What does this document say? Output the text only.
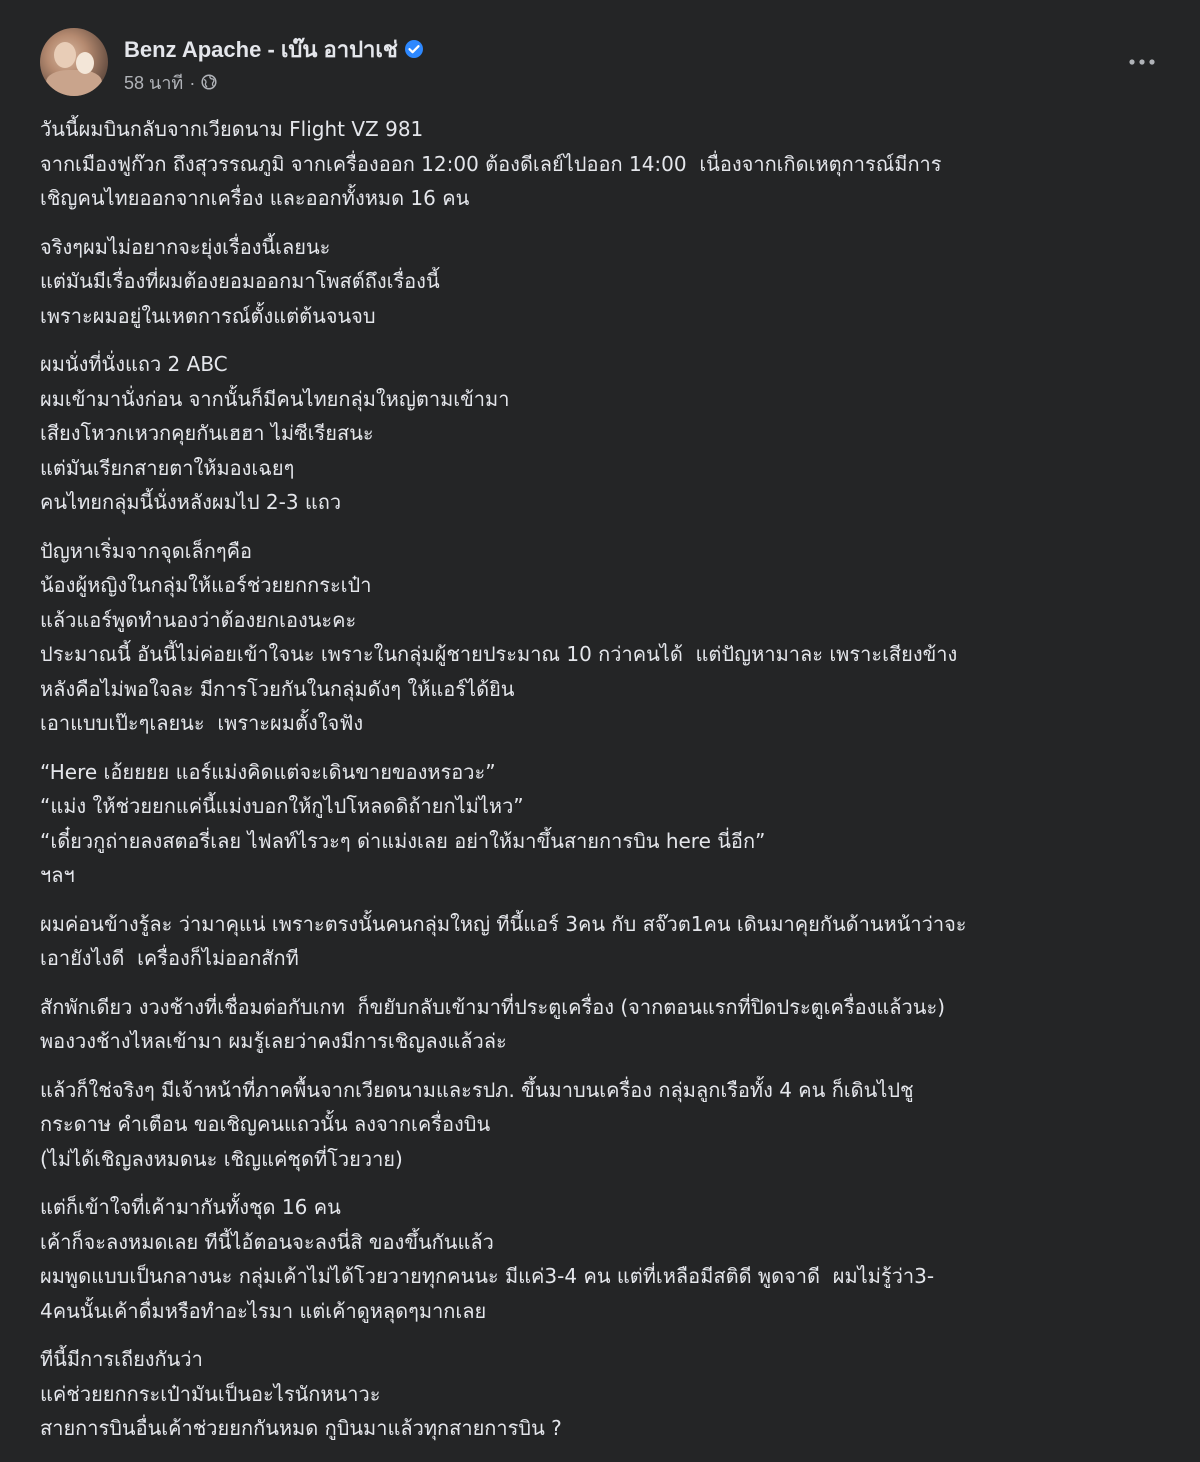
Benz Apache - เบ๊น อาปาเช่
58 นาที ·

วันนี้ผมบินกลับจากเวียดนาม Flight VZ 981
จากเมืองฟูก๊วก ถึงสุวรรณภูมิ จากเครื่องออก 12:00 ต้องดีเลย์ไปออก 14:00  เนื่องจากเกิดเหตุการณ์มีการ
เชิญคนไทยออกจากเครื่อง และออกทั้งหมด 16 คน

จริงๆผมไม่อยากจะยุ่งเรื่องนี้เลยนะ
แต่มันมีเรื่องที่ผมต้องยอมออกมาโพสต์ถึงเรื่องนี้
เพราะผมอยู่ในเหตการณ์ตั้งแต่ต้นจนจบ

ผมนั่งที่นั่งแถว 2 ABC
ผมเข้ามานั่งก่อน จากนั้นก็มีคนไทยกลุ่มใหญ่ตามเข้ามา
เสียงโหวกเหวกคุยกันเฮฮา ไม่ซีเรียสนะ
แต่มันเรียกสายตาให้มองเฉยๆ
คนไทยกลุ่มนี้นั่งหลังผมไป 2-3 แถว

ปัญหาเริ่มจากจุดเล็กๆคือ
น้องผู้หญิงในกลุ่มให้แอร์ช่วยยกกระเป๋า
แล้วแอร์พูดทำนองว่าต้องยกเองนะคะ
ประมาณนี้ อันนี้ไม่ค่อยเข้าใจนะ เพราะในกลุ่มผู้ชายประมาณ 10 กว่าคนได้  แต่ปัญหามาละ เพราะเสียงข้าง
หลังคือไม่พอใจละ มีการโวยกันในกลุ่มดังๆ ให้แอร์ได้ยิน
เอาแบบเป๊ะๆเลยนะ  เพราะผมตั้งใจฟัง

“Here เอ้ยยยย แอร์แม่งคิดแต่จะเดินขายของหรอวะ”
“แม่ง ให้ช่วยยกแค่นี้แม่งบอกให้กูไปโหลดดิถ้ายกไม่ไหว”
“เดี๋ยวกูถ่ายลงสตอรี่เลย ไฟลท์ไรวะๆ ด่าแม่งเลย อย่าให้มาขึ้นสายการบิน here นี่อีก”
ฯลฯ

ผมค่อนข้างรู้ละ ว่ามาคุแน่ เพราะตรงนั้นคนกลุ่มใหญ่ ทีนี้แอร์ 3คน กับ สจ๊วต1คน เดินมาคุยกันด้านหน้าว่าจะ
เอายังไงดี  เครื่องก็ไม่ออกสักที

สักพักเดียว งวงช้างที่เชื่อมต่อกับเกท  ก็ขยับกลับเข้ามาที่ประตูเครื่อง (จากตอนแรกที่ปิดประตูเครื่องแล้วนะ)
พองวงช้างไหลเข้ามา ผมรู้เลยว่าคงมีการเชิญลงแล้วล่ะ

แล้วก็ใช่จริงๆ มีเจ้าหน้าที่ภาคพื้นจากเวียดนามและรปภ. ขึ้นมาบนเครื่อง กลุ่มลูกเรือทั้ง 4 คน ก็เดินไปชู
กระดาษ คำเตือน ขอเชิญคนแถวนั้น ลงจากเครื่องบิน
(ไม่ได้เชิญลงหมดนะ เชิญแค่ชุดที่โวยวาย)

แต่ก็เข้าใจที่เค้ามากันทั้งชุด 16 คน
เค้าก็จะลงหมดเลย ทีนี้ไอ้ตอนจะลงนี่สิ ของขึ้นกันแล้ว
ผมพูดแบบเป็นกลางนะ กลุ่มเค้าไม่ได้โวยวายทุกคนนะ มีแค่3-4 คน แต่ที่เหลือมีสติดี พูดจาดี  ผมไม่รู้ว่า3-
4คนนั้นเค้าดื่มหรือทำอะไรมา แต่เค้าดูหลุดๆมากเลย

ทีนี้มีการเถียงกันว่า
แค่ช่วยยกกระเป๋ามันเป็นอะไรนักหนาวะ
สายการบินอื่นเค้าช่วยยกกันหมด กูบินมาแล้วทุกสายการบิน ?
